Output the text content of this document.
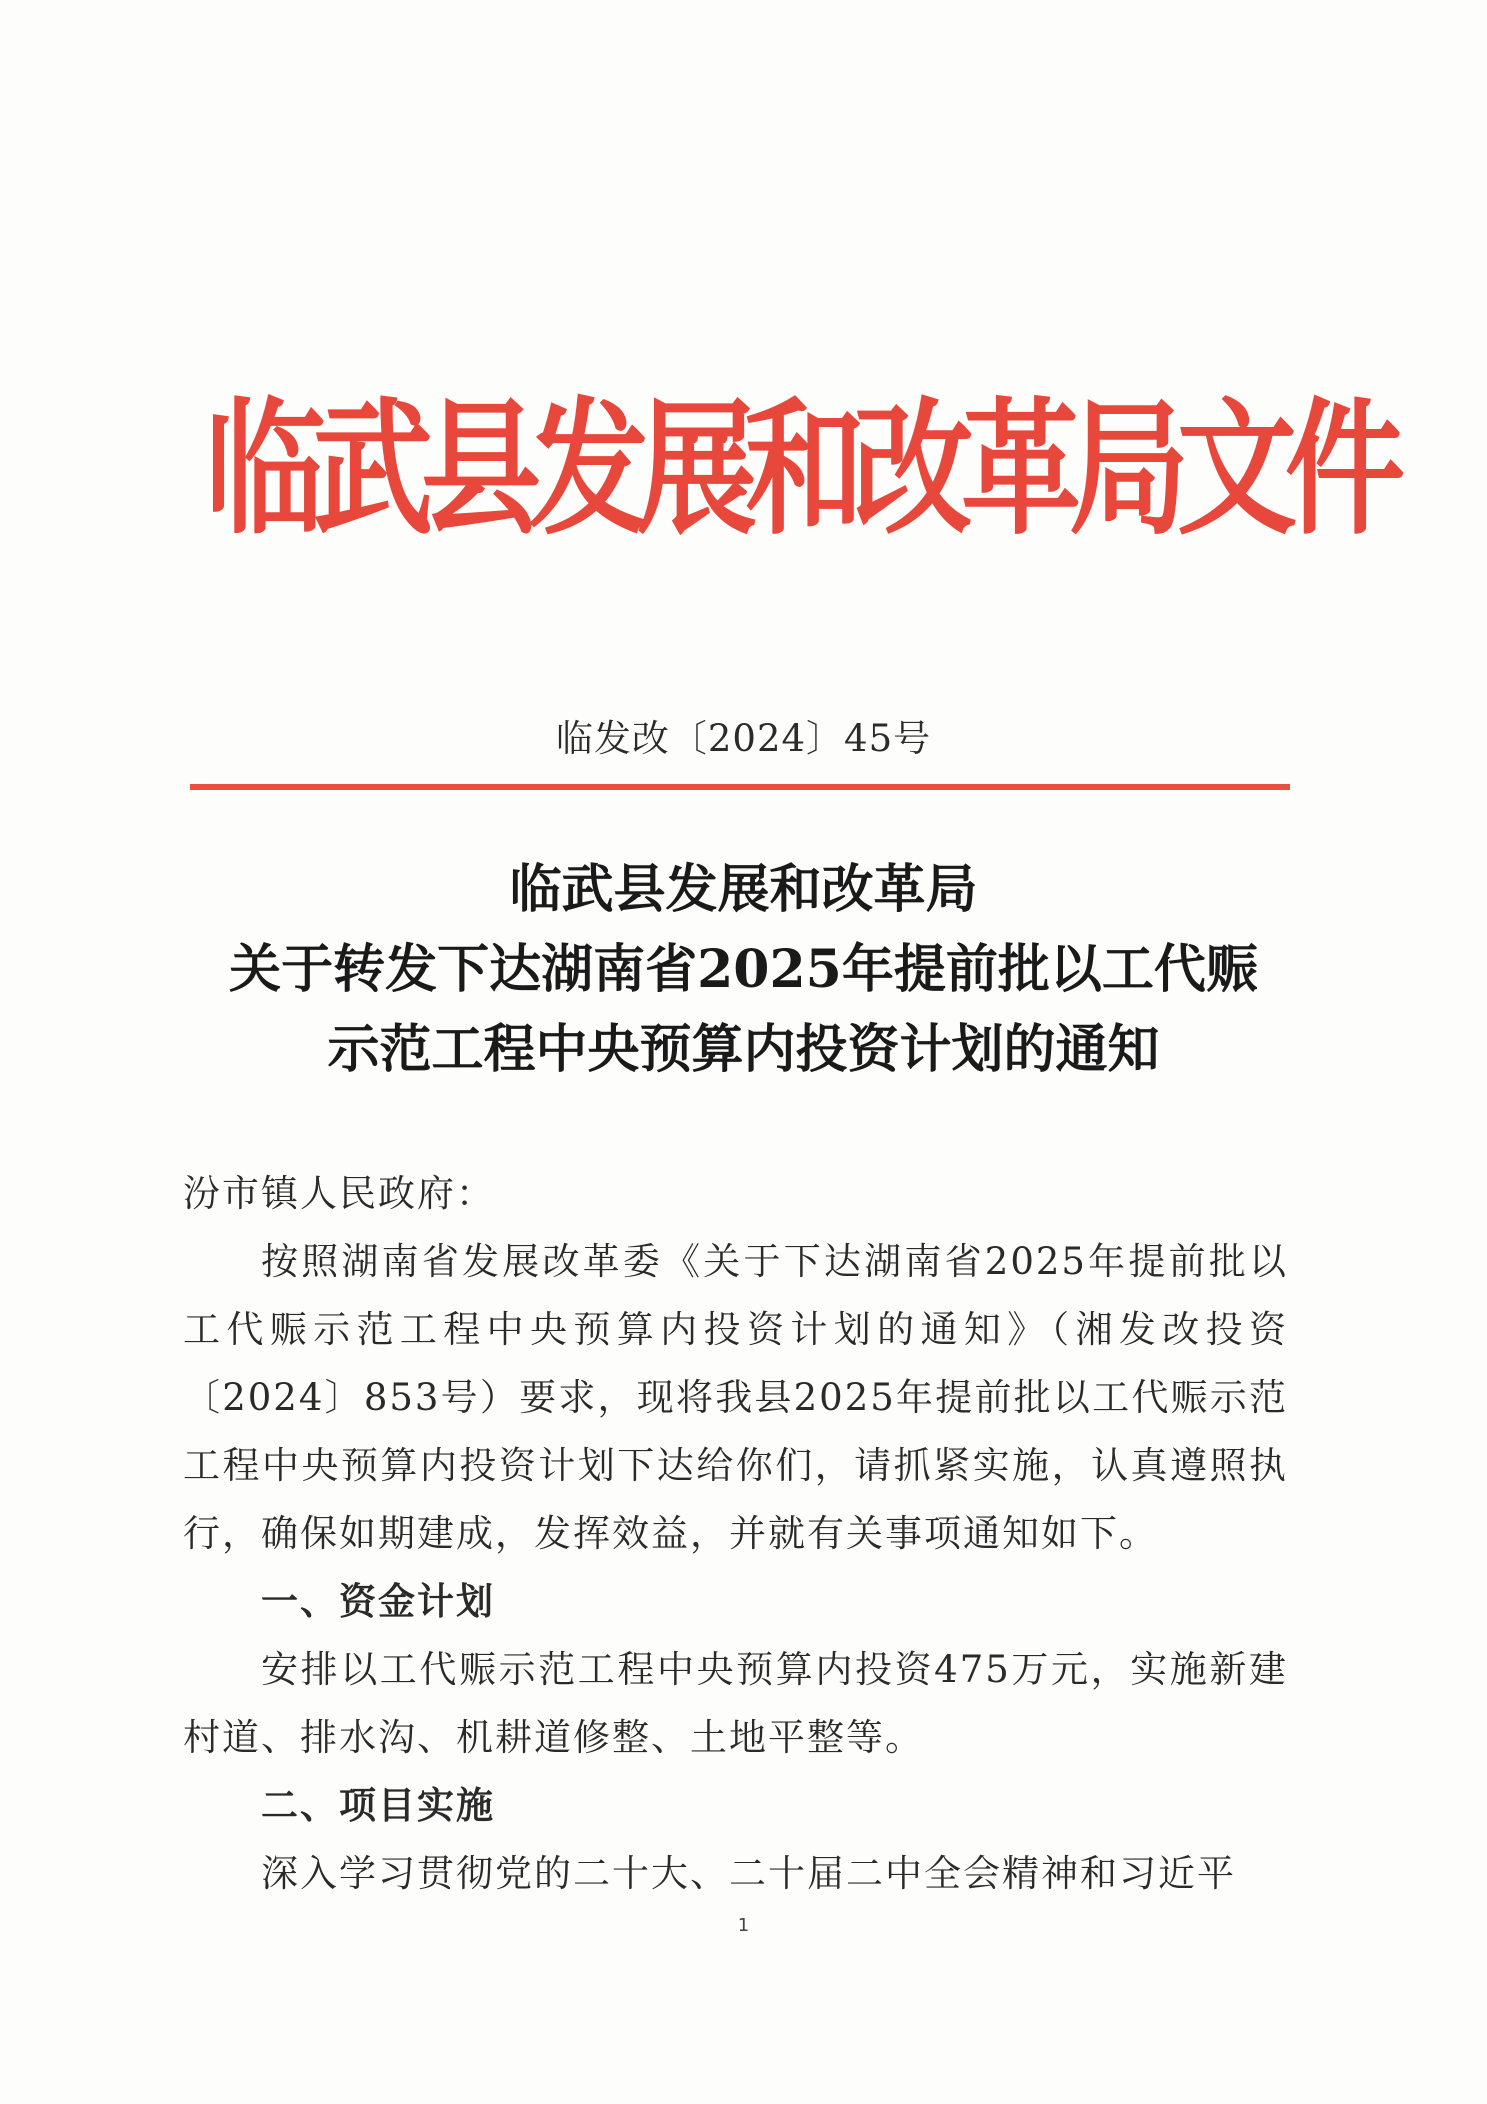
临武县发展和改革局文件
临发改〔2024〕45号
临武县发展和改革局
关于转发下达湖南省2025年提前批以工代赈
示范工程中央预算内投资计划的通知

汾市镇人民政府：

按照湖南省发展改革委《关于下达湖南省2025年提前批以工代赈示范工程中央预算内投资计划的通知》（湘发改投资〔2024〕853号）要求，现将我县2025年提前批以工代赈示范工程中央预算内投资计划下达给你们，请抓紧实施，认真遵照执行，确保如期建成，发挥效益，并就有关事项通知如下。

一、资金计划

安排以工代赈示范工程中央预算内投资475万元，实施新建村道、排水沟、机耕道修整、土地平整等。

二、项目实施

深入学习贯彻党的二十大、二十届二中全会精神和习近平

1
